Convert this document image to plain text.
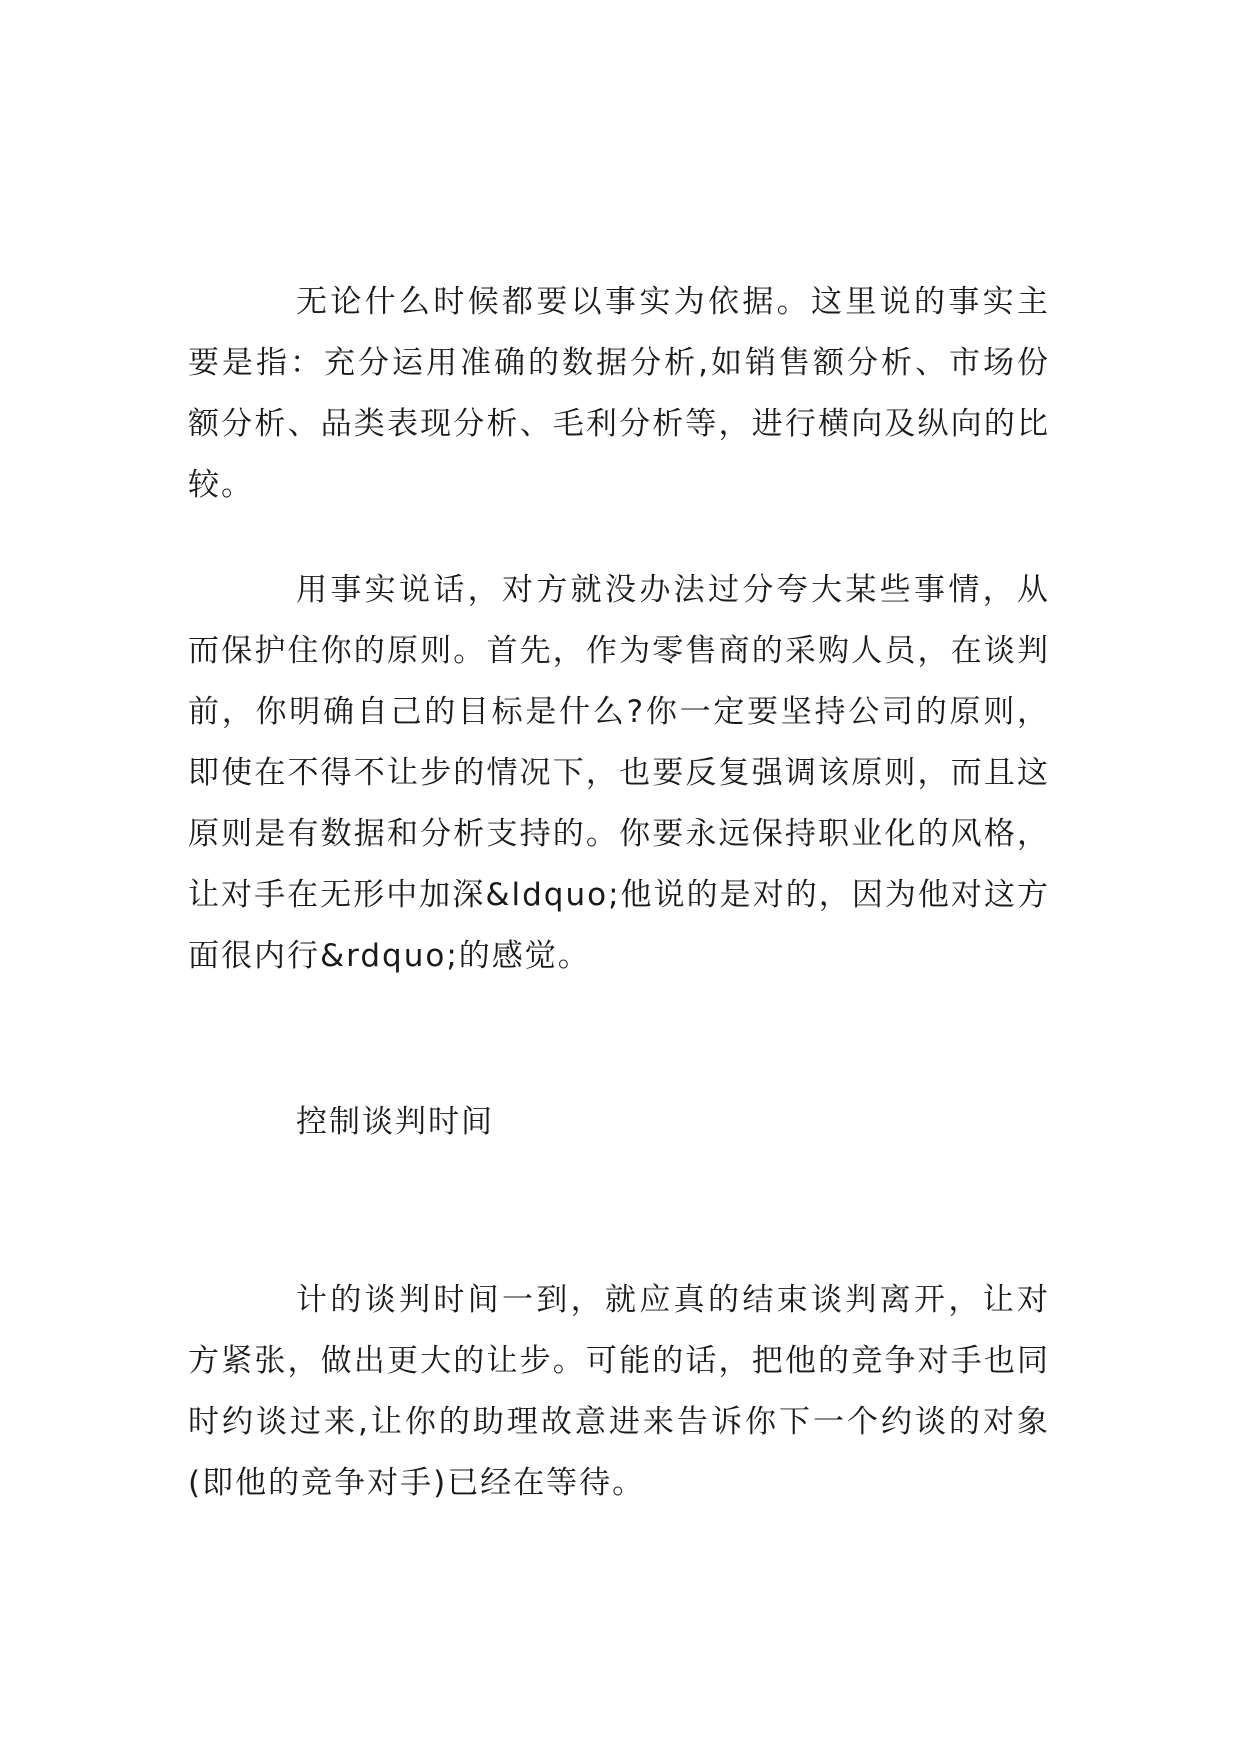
无论什么时候都要以事实为依据。这里说的事实主要是指：充分运用准确的数据分析,如销售额分析、市场份额分析、品类表现分析、毛利分析等，进行横向及纵向的比较。

用事实说话，对方就没办法过分夸大某些事情，从而保护住你的原则。首先，作为零售商的采购人员，在谈判前，你明确自己的目标是什么?你一定要坚持公司的原则，即使在不得不让步的情况下，也要反复强调该原则，而且这原则是有数据和分析支持的。你要永远保持职业化的风格，让对手在无形中加深&ldquo;他说的是对的，因为他对这方面很内行&rdquo;的感觉。

控制谈判时间

计的谈判时间一到，就应真的结束谈判离开，让对方紧张，做出更大的让步。可能的话，把他的竞争对手也同时约谈过来,让你的助理故意进来告诉你下一个约谈的对象(即他的竞争对手)已经在等待。
